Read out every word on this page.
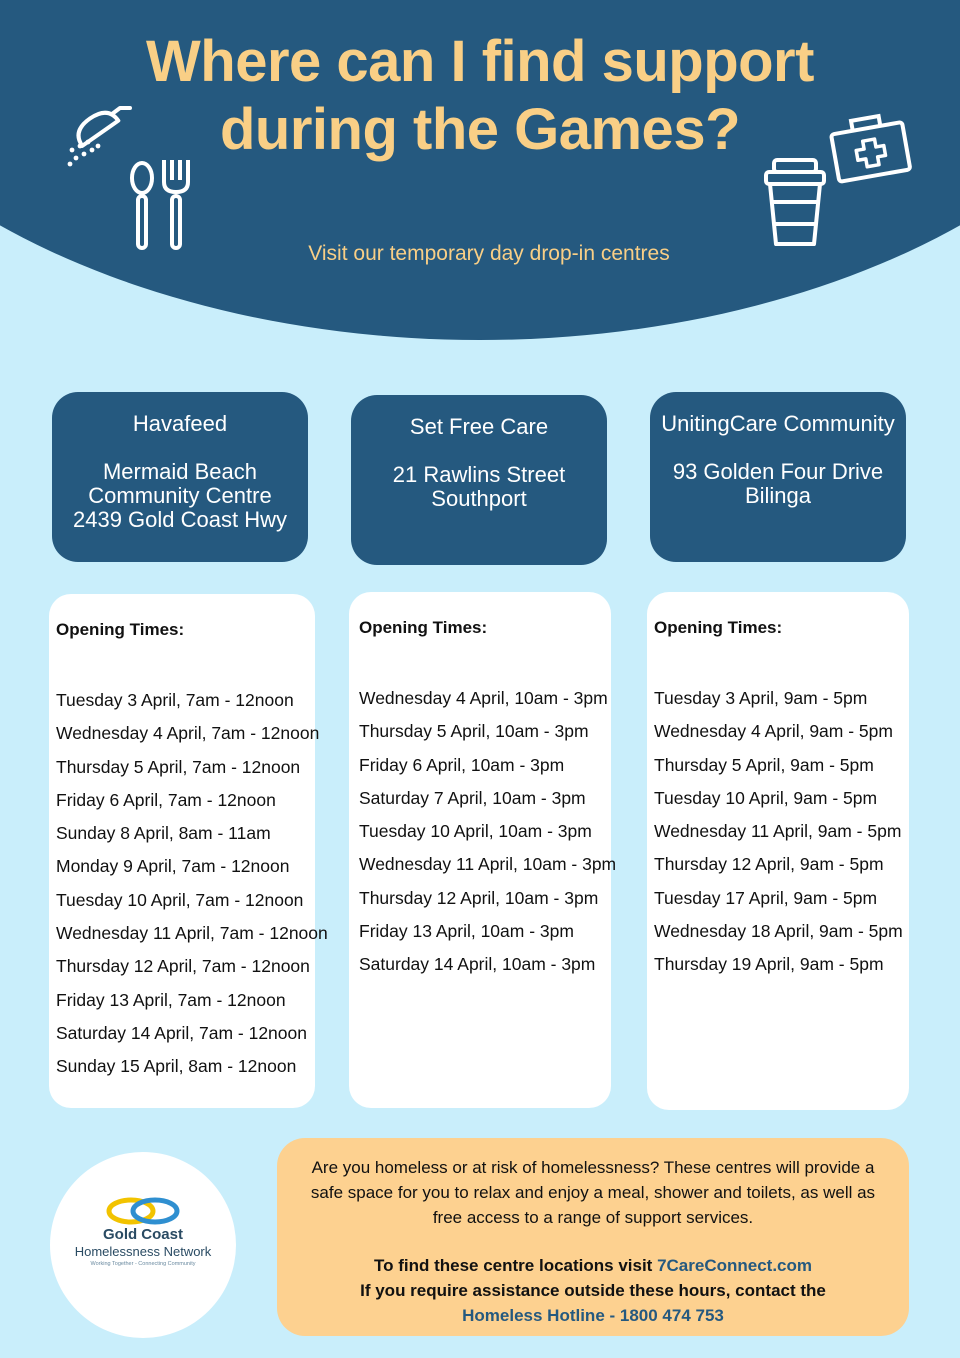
Where can I find support
during the Games?
Visit our temporary day drop-in centres
Havafeed
Mermaid Beach
Community Centre
2439 Gold Coast Hwy
Set Free Care
21 Rawlins Street
Southport
UnitingCare Community
93 Golden Four Drive
Bilinga
Opening Times:
Tuesday 3 April, 7am - 12noon
Wednesday 4 April, 7am - 12noon
Thursday 5 April, 7am - 12noon
Friday 6 April, 7am - 12noon
Sunday 8 April, 8am - 11am
Monday 9 April, 7am - 12noon
Tuesday 10 April, 7am - 12noon
Wednesday 11 April, 7am - 12noon
Thursday 12 April, 7am - 12noon
Friday 13 April, 7am - 12noon
Saturday 14 April, 7am - 12noon
Sunday 15 April, 8am - 12noon
Opening Times:
Wednesday 4 April, 10am - 3pm
Thursday 5 April, 10am - 3pm
Friday 6 April, 10am - 3pm
Saturday 7 April, 10am - 3pm
Tuesday 10 April, 10am - 3pm
Wednesday 11 April, 10am - 3pm
Thursday 12 April, 10am - 3pm
Friday 13 April, 10am - 3pm
Saturday 14 April, 10am - 3pm
Opening Times:
Tuesday 3 April, 9am - 5pm
Wednesday 4 April, 9am - 5pm
Thursday 5 April, 9am - 5pm
Tuesday 10 April, 9am - 5pm
Wednesday 11 April, 9am - 5pm
Thursday 12 April, 9am - 5pm
Tuesday 17 April, 9am - 5pm
Wednesday 18 April, 9am - 5pm
Thursday 19 April, 9am - 5pm
Gold Coast
Homelessness Network
Working Together - Connecting Community
Are you homeless or at risk of homelessness? These centres will provide a safe space for you to relax and enjoy a meal, shower and toilets, as well as free access to a range of support services.
To find these centre locations visit 7CareConnect.com
If you require assistance outside these hours, contact the
Homeless Hotline - 1800 474 753
